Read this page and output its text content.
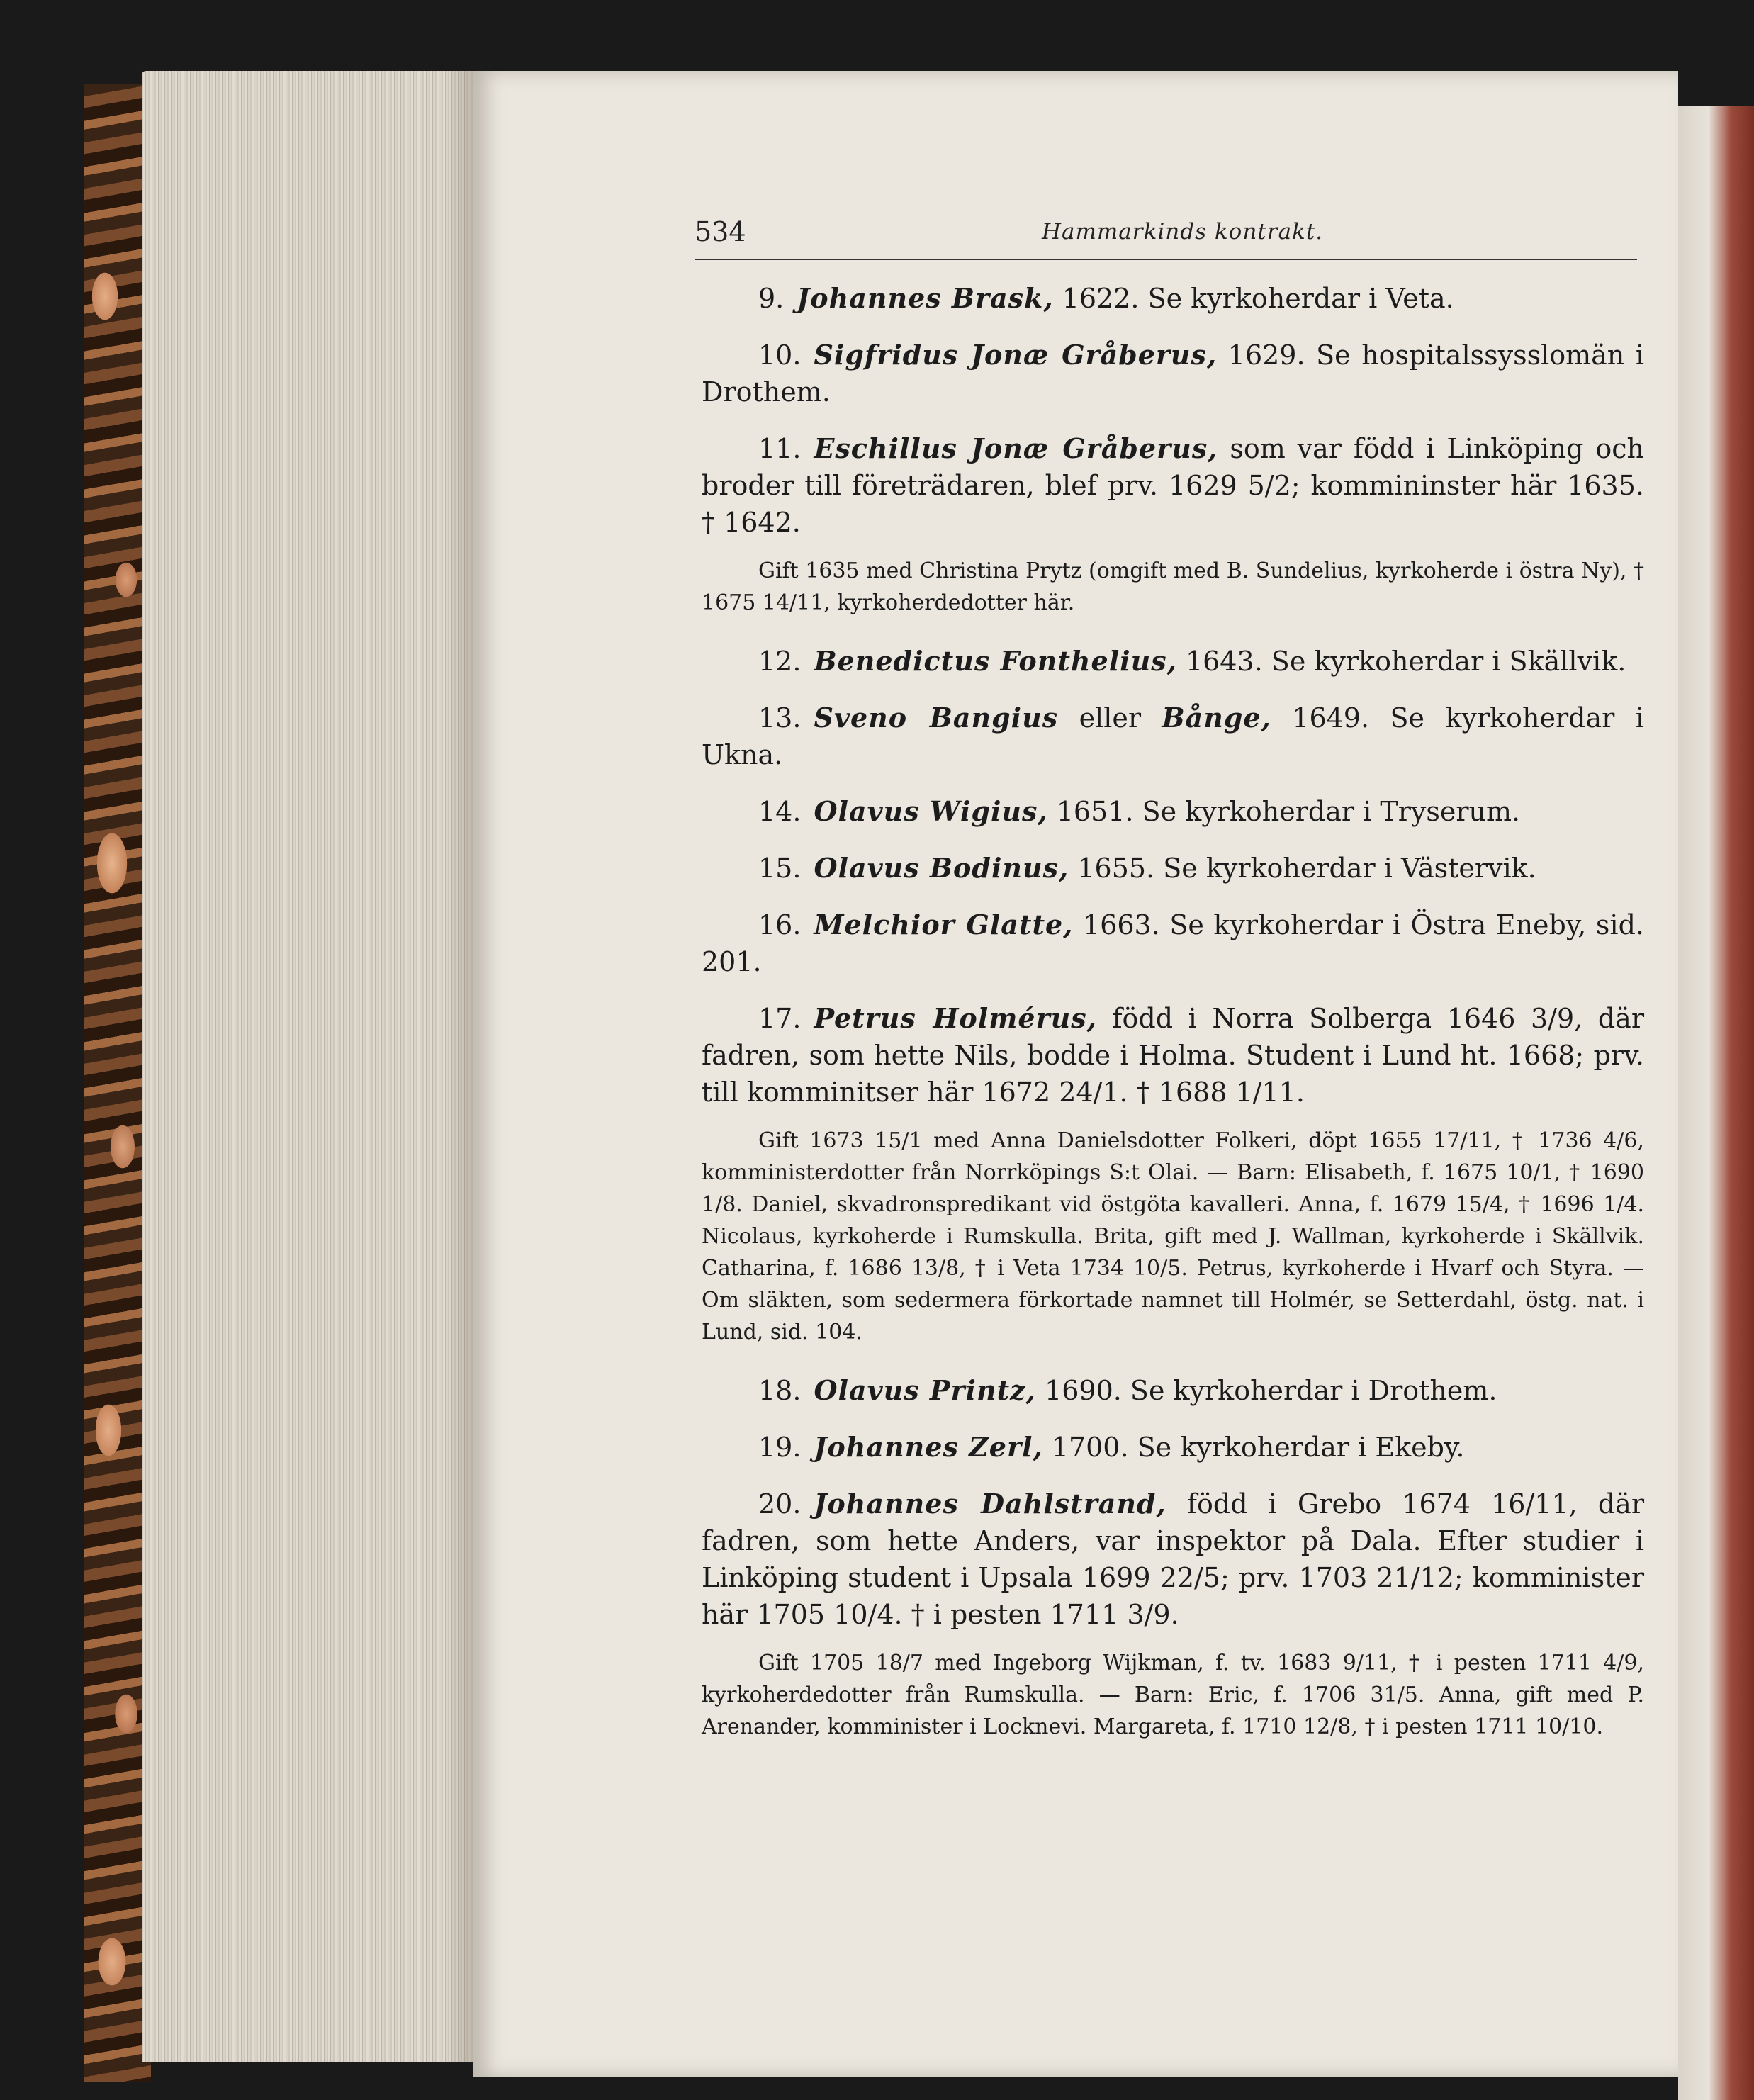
534	Hammarkinds kontrakt.

9. Johannes Brask, 1622. Se kyrkoherdar i Veta.

10. Sigfridus Jonæ Gråberus, 1629. Se hospitalssysslomän i Drothem.

11. Eschillus Jonæ Gråberus, som var född i Linköping och broder till företrädaren, blef prv. 1629 5/2; kommininster här 1635. † 1642.

Gift 1635 med Christina Prytz (omgift med B. Sundelius, kyrkoherde i östra Ny), † 1675 14/11, kyrkoherdedotter här.

12. Benedictus Fonthelius, 1643. Se kyrkoherdar i Skällvik.

13. Sveno Bangius eller Bånge, 1649. Se kyrkoherdar i Ukna.

14. Olavus Wigius, 1651. Se kyrkoherdar i Tryserum.

15. Olavus Bodinus, 1655. Se kyrkoherdar i Västervik.

16. Melchior Glatte, 1663. Se kyrkoherdar i Östra Eneby, sid. 201.

17. Petrus Holmérus, född i Norra Solberga 1646 3/9, där fadren, som hette Nils, bodde i Holma. Student i Lund ht. 1668; prv. till komminitser här 1672 24/1. † 1688 1/11.

Gift 1673 15/1 med Anna Danielsdotter Folkeri, döpt 1655 17/11, † 1736 4/6, komministerdotter från Norrköpings S:t Olai. — Barn: Elisabeth, f. 1675 10/1, † 1690 1/8. Daniel, skvadronspredikant vid östgöta kavalleri. Anna, f. 1679 15/4, † 1696 1/4. Nicolaus, kyrkoherde i Rumskulla. Brita, gift med J. Wallman, kyrkoherde i Skällvik. Catharina, f. 1686 13/8, † i Veta 1734 10/5. Petrus, kyrkoherde i Hvarf och Styra. — Om släkten, som sedermera förkortade namnet till Holmér, se Setterdahl, östg. nat. i Lund, sid. 104.

18. Olavus Printz, 1690. Se kyrkoherdar i Drothem.

19. Johannes Zerl, 1700. Se kyrkoherdar i Ekeby.

20. Johannes Dahlstrand, född i Grebo 1674 16/11, där fadren, som hette Anders, var inspektor på Dala. Efter studier i Linköping student i Upsala 1699 22/5; prv. 1703 21/12; komminister här 1705 10/4. † i pesten 1711 3/9.

Gift 1705 18/7 med Ingeborg Wijkman, f. tv. 1683 9/11, † i pesten 1711 4/9, kyrkoherdedotter från Rumskulla. — Barn: Eric, f. 1706 31/5. Anna, gift med P. Arenander, komminister i Locknevi. Margareta, f. 1710 12/8, † i pesten 1711 10/10.
